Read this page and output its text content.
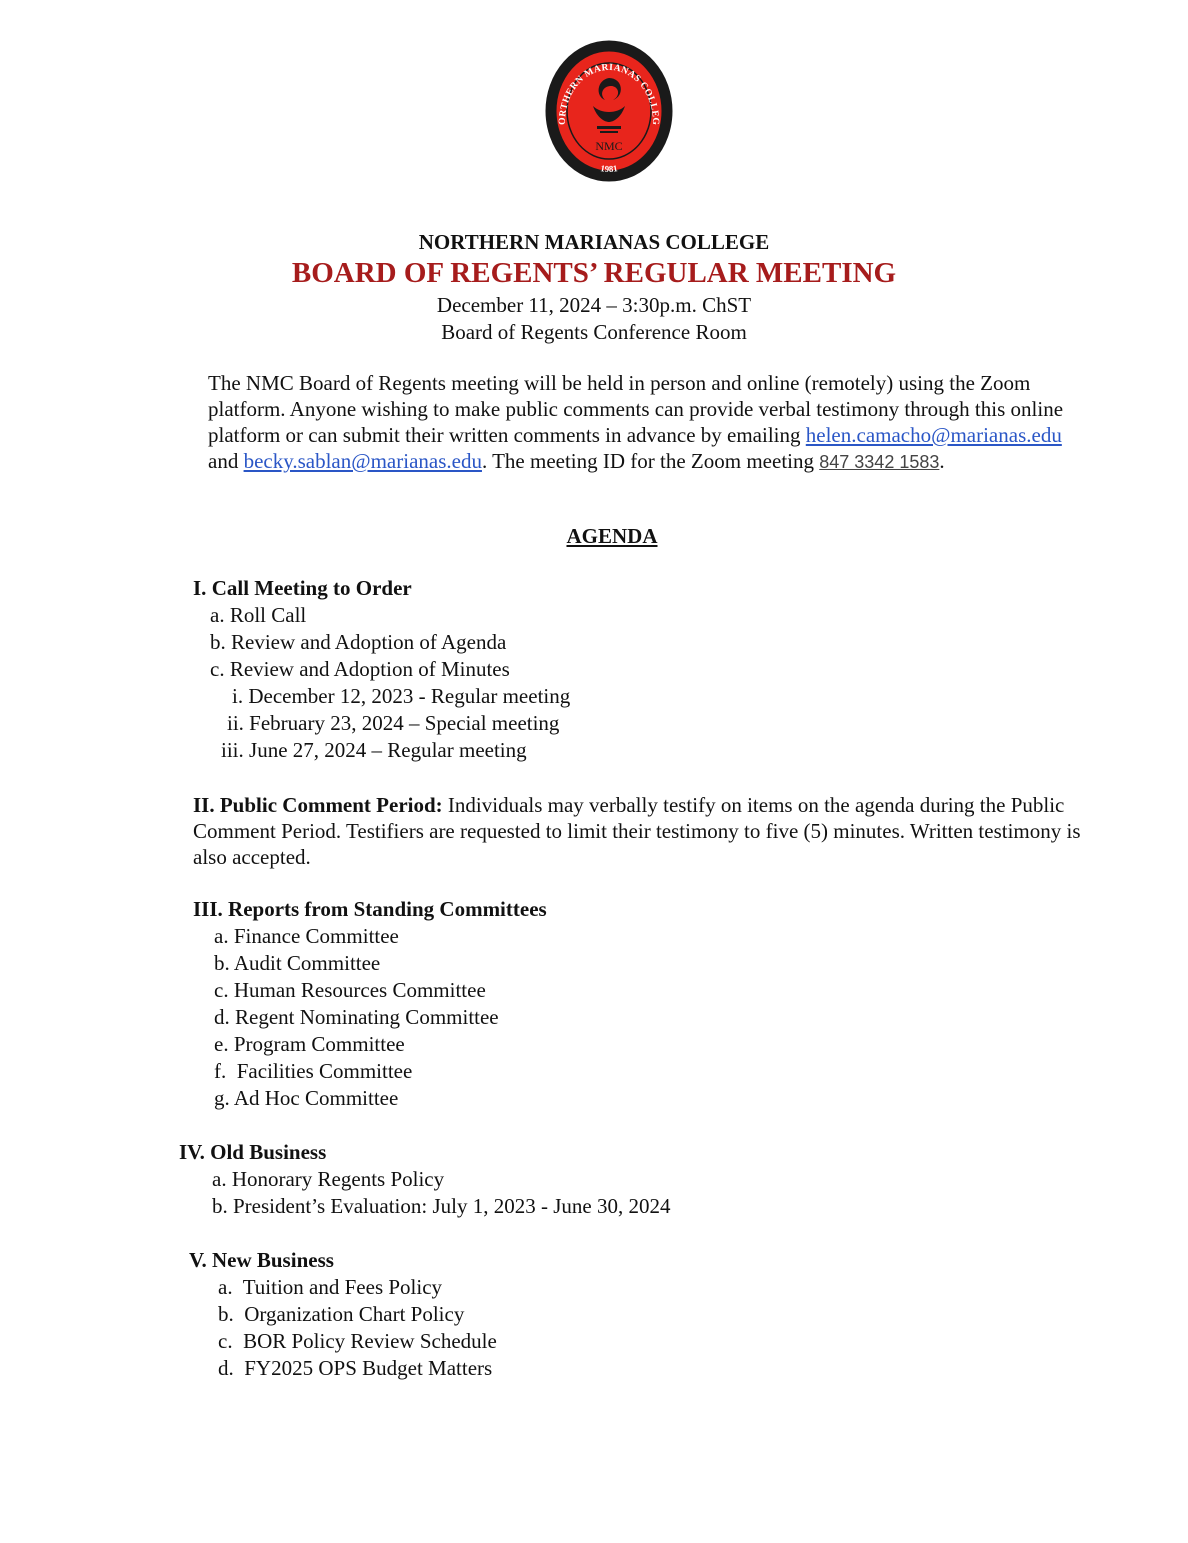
ORTHERN MARIANAS COLLEG
NMC
1981
NORTHERN MARIANAS COLLEGE
BOARD OF REGENTS’ REGULAR MEETING
December 11, 2024 – 3:30p.m. ChST
Board of Regents Conference Room
The NMC Board of Regents meeting will be held in person and online (remotely) using the Zoom platform. Anyone wishing to make public comments can provide verbal testimony through this online platform or can submit their written comments in advance by emailing helen.camacho@marianas.edu and becky.sablan@marianas.edu. The meeting ID for the Zoom meeting 847 3342 1583.
AGENDA
I. Call Meeting to Order
a. Roll Call
b. Review and Adoption of Agenda
c. Review and Adoption of Minutes
i. December 12, 2023 - Regular meeting
ii. February 23, 2024 – Special meeting
iii. June 27, 2024 – Regular meeting
II. Public Comment Period: Individuals may verbally testify on items on the agenda during the Public Comment Period. Testifiers are requested to limit their testimony to five (5) minutes. Written testimony is also accepted.
III. Reports from Standing Committees
a. Finance Committee
b. Audit Committee
c. Human Resources Committee
d. Regent Nominating Committee
e. Program Committee
f. Facilities Committee
g. Ad Hoc Committee
IV. Old Business
a. Honorary Regents Policy
b. President’s Evaluation: July 1, 2023 - June 30, 2024
V. New Business
a. Tuition and Fees Policy
b. Organization Chart Policy
c. BOR Policy Review Schedule
d. FY2025 OPS Budget Matters
